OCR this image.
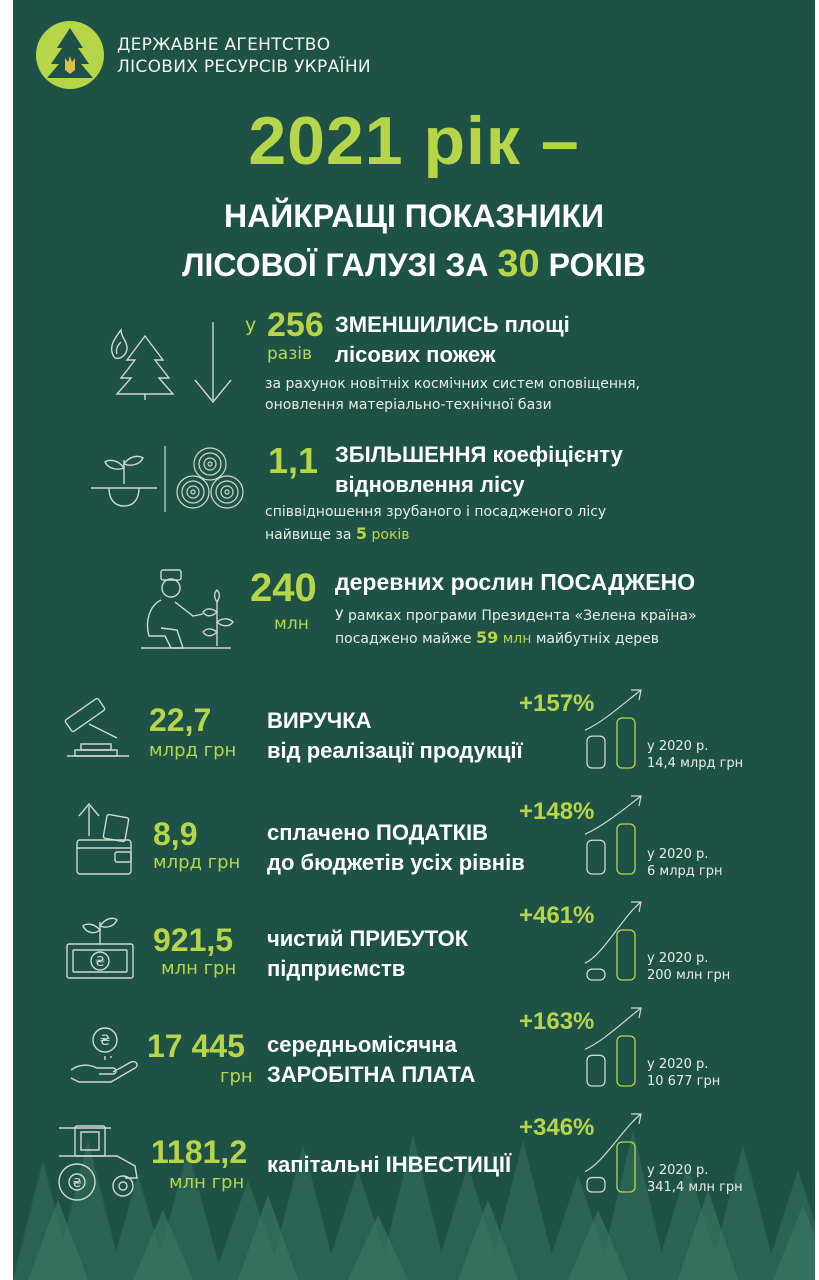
ДЕРЖАВНЕ АГЕНТСТВО
ЛІСОВИХ РЕСУРСІВ УКРАЇНИ
2021 рік –
НАЙКРАЩІ ПОКАЗНИКИ
ЛІСОВОЇ ГАЛУЗІ ЗА 30 РОКІВ
у 256
разів
ЗМЕНШИЛИСЬ площі
лісових пожеж
за рахунок новітніх космічних систем оповіщення,
оновлення матеріально-технічної бази
1,1 ЗБІЛЬШЕННЯ коефіцієнту
відновлення лісу
співвідношення зрубаного і посадженого лісу
найвище за 5 років
240
млн
деревних рослин ПОСАДЖЕНО
У рамках програми Президента «Зелена країна»
посаджено майже 59 млн майбутніх дерев
₴
₴
₴
22,7
млрд грн
ВИРУЧКА
від реалізації продукції
+157%
у 2020 р.
14,4 млрд грн
8,9
млрд грн
сплачено ПОДАТКІВ
до бюджетів усіх рівнів
+148%
у 2020 р.
6 млрд грн
921,5
млн грн
чистий ПРИБУТОК
підприємств
+461%
у 2020 р.
200 млн грн
17 445
грн
середньомісячна
ЗАРОБІТНА ПЛАТА
+163%
у 2020 р.
10 677 грн
1181,2
млн грн
капітальні ІНВЕСТИЦІЇ
+346%
у 2020 р.
341,4 млн грн
